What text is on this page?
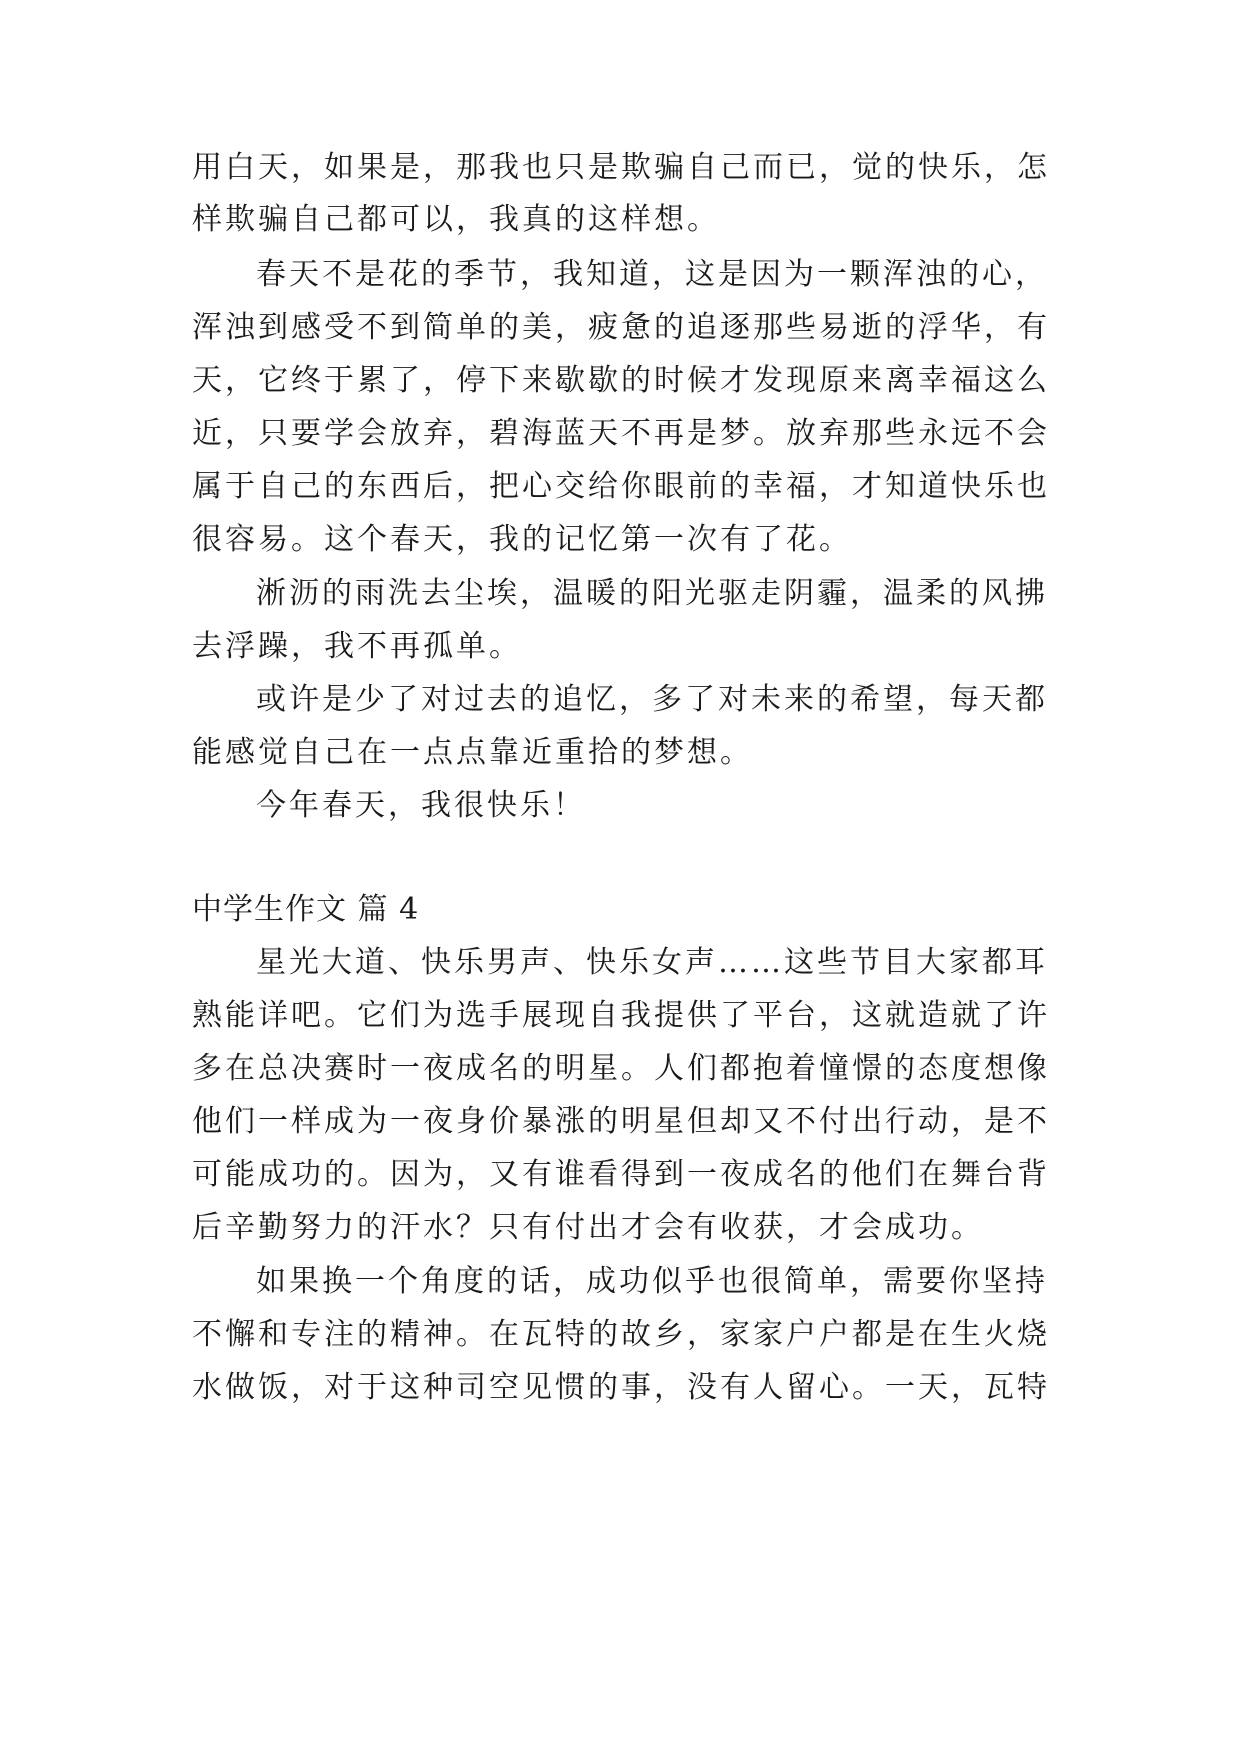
用白天，如果是，那我也只是欺骗自己而已，觉的快乐，怎
样欺骗自己都可以，我真的这样想。
春天不是花的季节，我知道，这是因为一颗浑浊的心，
浑浊到感受不到简单的美，疲惫的追逐那些易逝的浮华，有
天，它终于累了，停下来歇歇的时候才发现原来离幸福这么
近，只要学会放弃，碧海蓝天不再是梦。放弃那些永远不会
属于自己的东西后，把心交给你眼前的幸福，才知道快乐也
很容易。这个春天，我的记忆第一次有了花。
淅沥的雨洗去尘埃，温暖的阳光驱走阴霾，温柔的风拂
去浮躁，我不再孤单。
或许是少了对过去的追忆，多了对未来的希望，每天都
能感觉自己在一点点靠近重拾的梦想。
今年春天，我很快乐！
中学生作文 篇 4
星光大道、快乐男声、快乐女声……这些节目大家都耳
熟能详吧。它们为选手展现自我提供了平台，这就造就了许
多在总决赛时一夜成名的明星。人们都抱着憧憬的态度想像
他们一样成为一夜身价暴涨的明星但却又不付出行动，是不
可能成功的。因为，又有谁看得到一夜成名的他们在舞台背
后辛勤努力的汗水？只有付出才会有收获，才会成功。
如果换一个角度的话，成功似乎也很简单，需要你坚持
不懈和专注的精神。在瓦特的故乡，家家户户都是在生火烧
水做饭，对于这种司空见惯的事，没有人留心。一天，瓦特
